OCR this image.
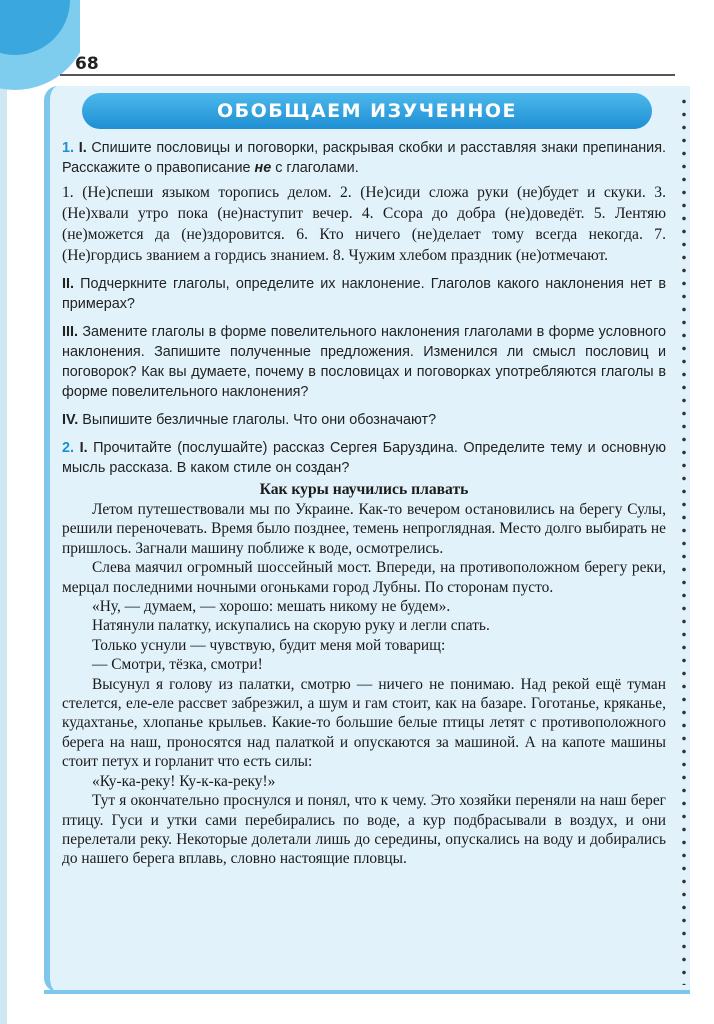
68
ОБОБЩАЕМ ИЗУЧЕННОЕ
1. I. Спишите пословицы и поговорки, раскрывая скобки и расставляя знаки препинания. Расскажите о правописание не с глаголами.
1. (Не)спеши языком торопись делом. 2. (Не)сиди сложа руки (не)будет и скуки. 3. (Не)хвали утро пока (не)наступит вечер. 4. Ссора до добра (не)доведёт. 5. Лентяю (не)можется да (не)здоровится. 6. Кто ничего (не)делает тому всегда некогда. 7. (Не)гордись званием а гордись знанием. 8. Чужим хлебом праздник (не)отмечают.
II. Подчеркните глаголы, определите их наклонение. Глаголов какого наклонения нет в примерах?
III. Замените глаголы в форме повелительного наклонения глаголами в форме условного наклонения. Запишите полученные предложения. Изменился ли смысл пословиц и поговорок? Как вы думаете, почему в пословицах и поговорках употребляются глаголы в форме повелительного наклонения?
IV. Выпишите безличные глаголы. Что они обозначают?
2. I. Прочитайте (послушайте) рассказ Сергея Баруздина. Определите тему и основную мысль рассказа. В каком стиле он создан?
Как куры научились плавать
Летом путешествовали мы по Украине. Как-то вечером остановились на берегу Сулы, решили переночевать. Время было позднее, темень непроглядная. Место долго выбирать не пришлось. Загнали машину поближе к воде, осмотрелись.
Слева маячил огромный шоссейный мост. Впереди, на противоположном берегу реки, мерцал последними ночными огоньками город Лубны. По сторонам пусто.
«Ну, — думаем, — хорошо: мешать никому не будем».
Натянули палатку, искупались на скорую руку и легли спать.
Только уснули — чувствую, будит меня мой товарищ:
— Смотри, тёзка, смотри!
Высунул я голову из палатки, смотрю — ничего не понимаю. Над рекой ещё туман стелется, еле-еле рассвет забрезжил, а шум и гам стоит, как на базаре. Гоготанье, кряканье, кудахтанье, хлопанье крыльев. Какие-то большие белые птицы летят с противоположного берега на наш, проносятся над палаткой и опускаются за машиной. А на капоте машины стоит петух и горланит что есть силы:
«Ку-ка-реку! Ку-к-ка-реку!»
Тут я окончательно проснулся и понял, что к чему. Это хозяйки переняли на наш берег птицу. Гуси и утки сами перебирались по воде, а кур подбрасывали в воздух, и они перелетали реку. Некоторые долетали лишь до середины, опускались на воду и добирались до нашего берега вплавь, словно настоящие пловцы.
